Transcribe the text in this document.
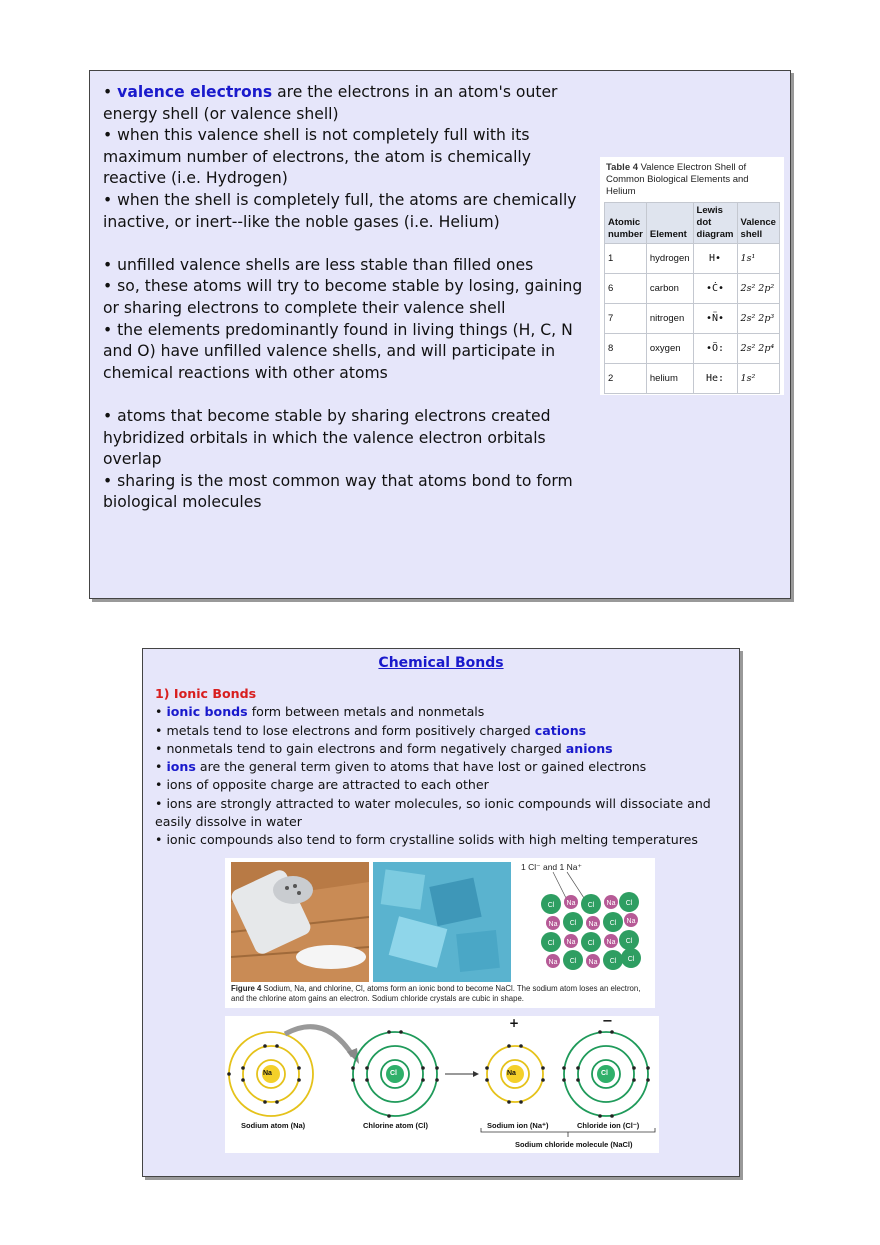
• valence electrons are the electrons in an atom's outer energy shell (or valence shell)

• when this valence shell is not completely full with its maximum number of electrons, the atom is chemically reactive (i.e. Hydrogen)

• when the shell is completely full, the atoms are chemically inactive, or inert--like the noble gases (i.e. Helium)

• unfilled valence shells are less stable than filled ones

• so, these atoms will try to become stable by losing, gaining or sharing electrons to complete their valence shell

• the elements predominantly found in living things (H, C, N and O) have unfilled valence shells, and will participate in chemical reactions with other atoms

• atoms that become stable by sharing electrons created hybridized orbitals in which the valence electron orbitals overlap

• sharing is the most common way that atoms bond to form biological molecules

Table 4 Valence Electron Shell of Common Biological Elements and Helium
Atomic number	Element	Lewis dot diagram	Valence shell
1	hydrogen	H•	1s¹
6	carbon	•Ċ•	2s² 2p²
7	nitrogen	•N̈•	2s² 2p³
8	oxygen	•Ö:	2s² 2p⁴
2	helium	He:	1s²
Chemical Bonds

1) Ionic Bonds

• ionic bonds form between metals and nonmetals

• metals tend to lose electrons and form positively charged cations

• nonmetals tend to gain electrons and form negatively charged anions

• ions are the general term given to atoms that have lost or gained electrons

• ions of opposite charge are attracted to each other

• ions are strongly attracted to water molecules, so ionic compounds will dissociate and easily dissolve in water

• ionic compounds also tend to form crystalline solids with high melting temperatures

1 Cl⁻ and 1 Na⁺
Cl Na Cl Na Cl
Na Cl Na Cl Na
Cl Na Cl Na Cl
Na Cl Na Cl Cl
Figure 4 Sodium, Na, and chlorine, Cl, atoms form an ionic bond to become NaCl. The sodium atom loses an electron, and the chlorine atom gains an electron. Sodium chloride crystals are cubic in shape.
+	−
Na	Cl	Na	Cl
Sodium atom (Na)	Chlorine atom (Cl)	Sodium ion (Na⁺)	Chloride ion (Cl⁻)
Sodium chloride molecule (NaCl)
